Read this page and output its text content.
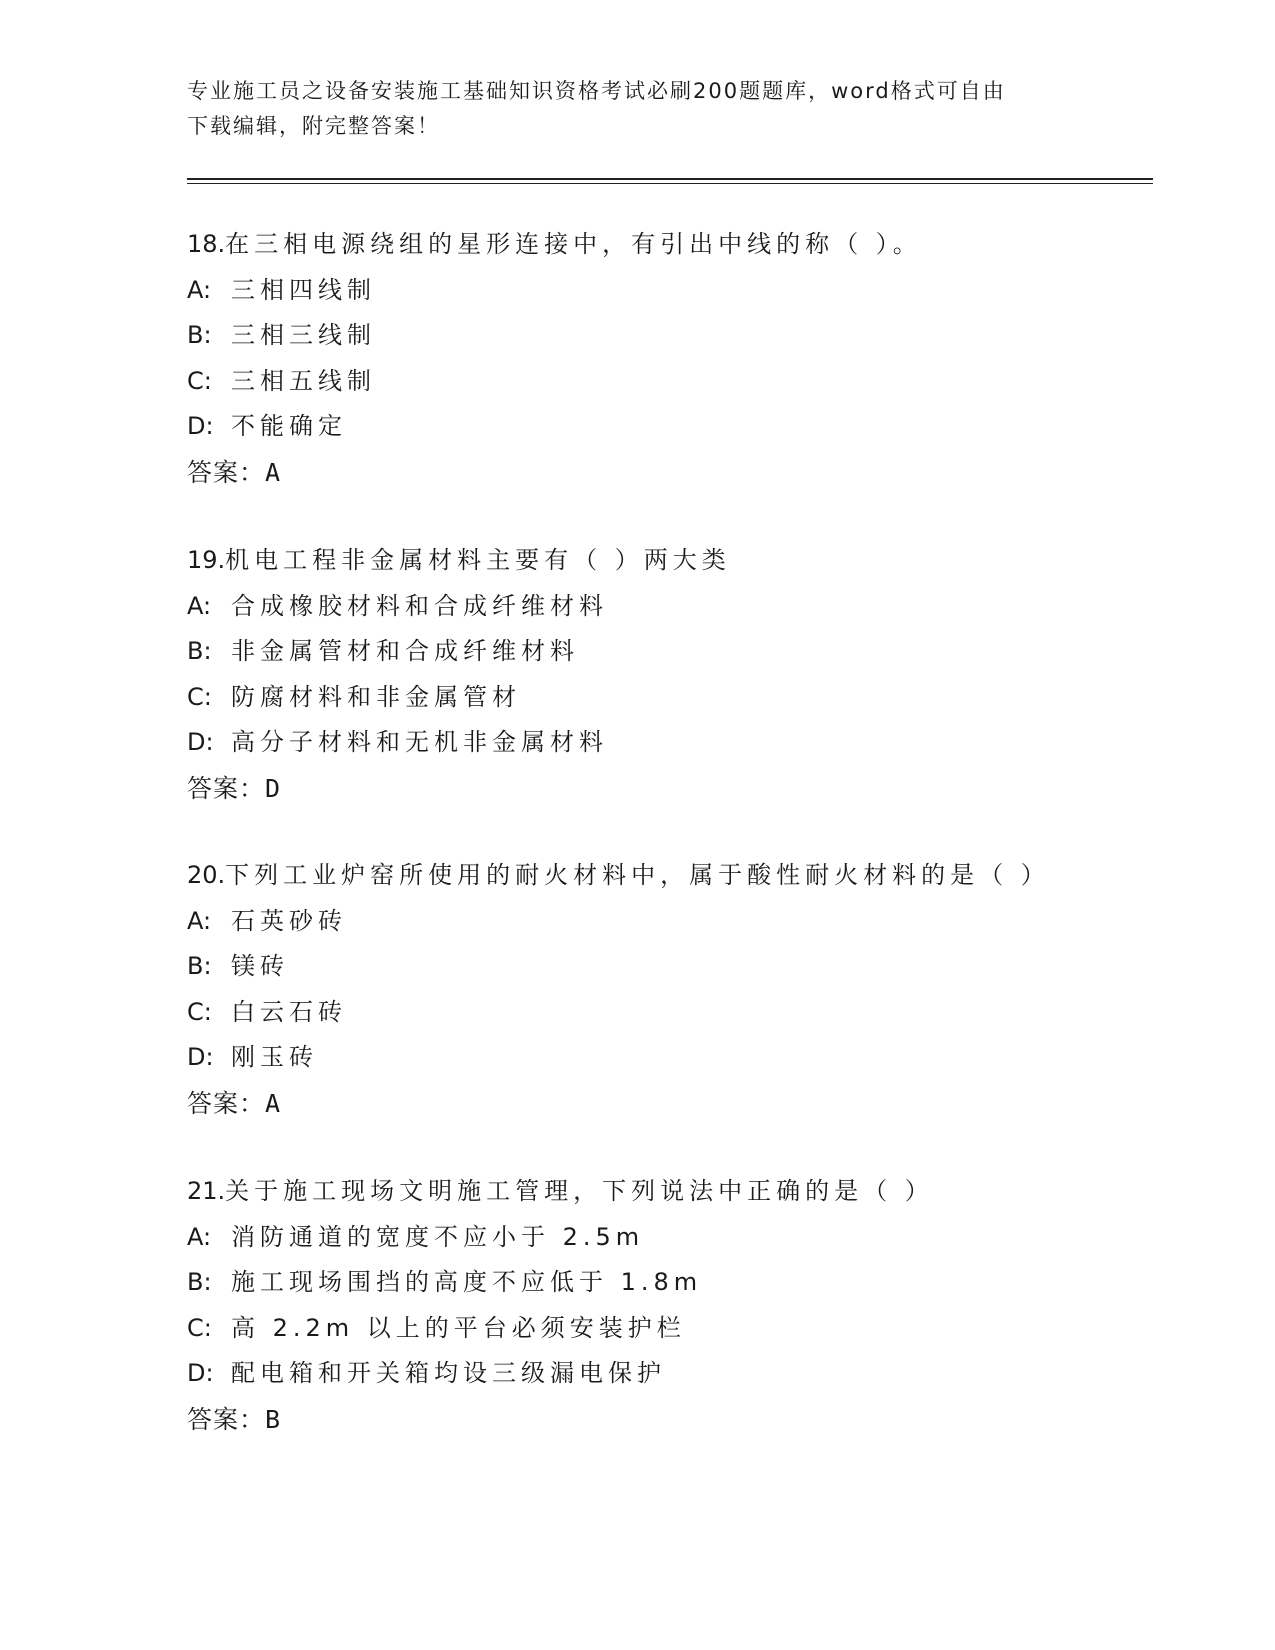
专业施工员之设备安装施工基础知识资格考试必刷200题题库，word格式可自由
下载编辑，附完整答案！
18.在三相电源绕组的星形连接中，有引出中线的称（ ）。
A: 三相四线制
B: 三相三线制
C: 三相五线制
D: 不能确定
答案：A
19.机电工程非金属材料主要有（ ）两大类
A: 合成橡胶材料和合成纤维材料
B: 非金属管材和合成纤维材料
C: 防腐材料和非金属管材
D: 高分子材料和无机非金属材料
答案：D
20.下列工业炉窑所使用的耐火材料中，属于酸性耐火材料的是（ ）
A: 石英砂砖
B: 镁砖
C: 白云石砖
D: 刚玉砖
答案：A
21.关于施工现场文明施工管理，下列说法中正确的是（ ）
A: 消防通道的宽度不应小于 2.5m
B: 施工现场围挡的高度不应低于 1.8m
C: 高 2.2m 以上的平台必须安装护栏
D: 配电箱和开关箱均设三级漏电保护
答案：B
